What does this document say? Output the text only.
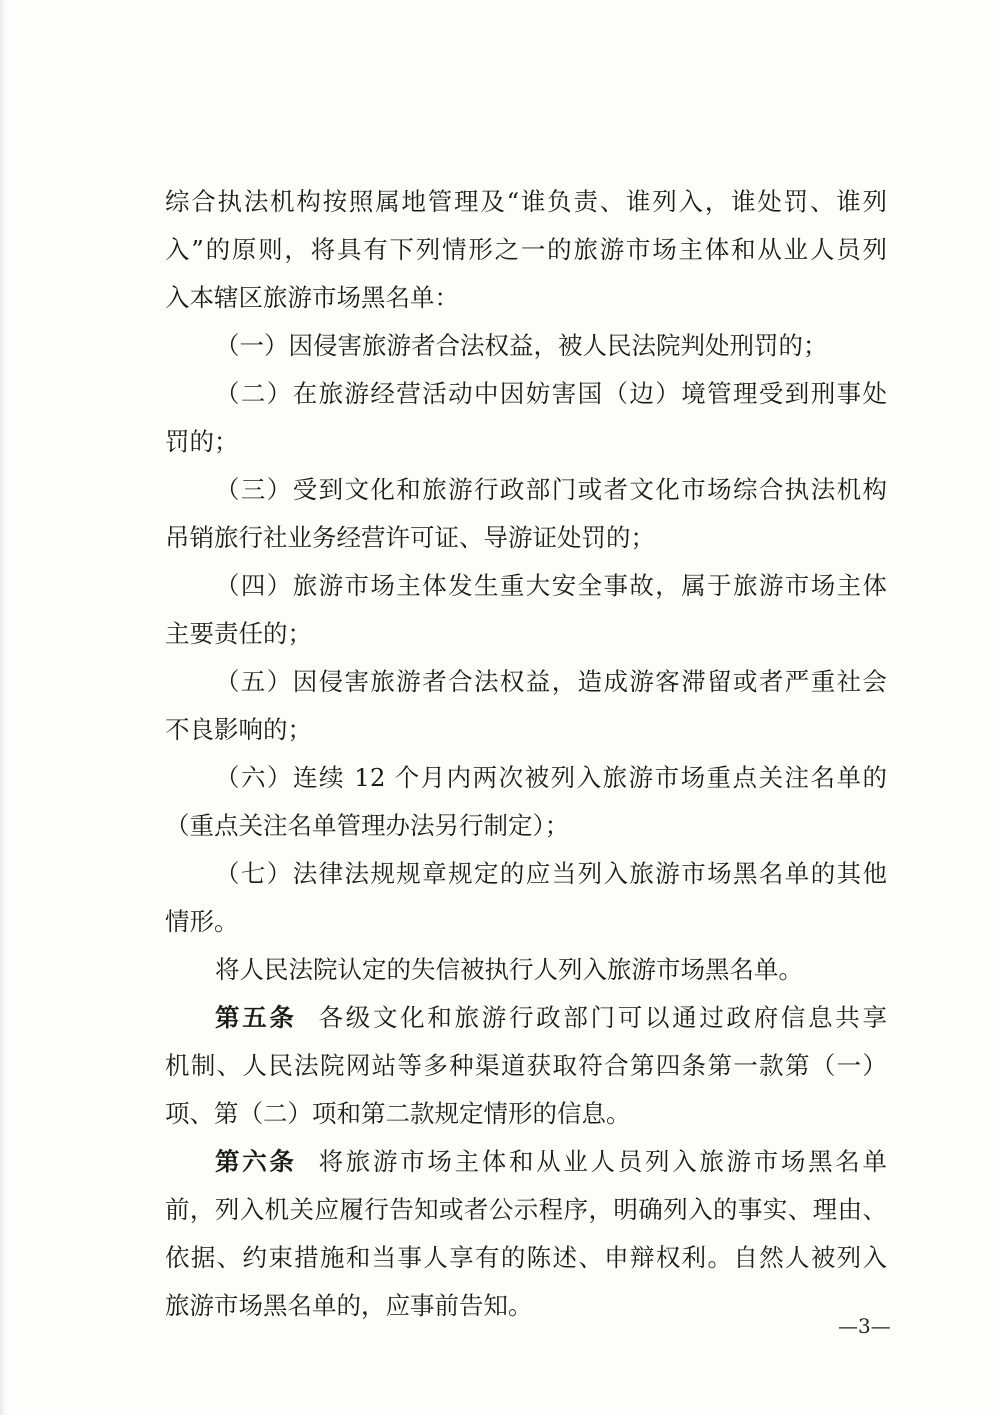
综合执法机构按照属地管理及“谁负责、谁列入，谁处罚、谁列
入”的原则，将具有下列情形之一的旅游市场主体和从业人员列
入本辖区旅游市场黑名单：
（一）因侵害旅游者合法权益，被人民法院判处刑罚的；
（二）在旅游经营活动中因妨害国（边）境管理受到刑事处
罚的；
（三）受到文化和旅游行政部门或者文化市场综合执法机构
吊销旅行社业务经营许可证、导游证处罚的；
（四）旅游市场主体发生重大安全事故，属于旅游市场主体
主要责任的；
（五）因侵害旅游者合法权益，造成游客滞留或者严重社会
不良影响的；
（六）连续 12 个月内两次被列入旅游市场重点关注名单的
（重点关注名单管理办法另行制定）；
（七）法律法规规章规定的应当列入旅游市场黑名单的其他
情形。
将人民法院认定的失信被执行人列入旅游市场黑名单。
第五条 各级文化和旅游行政部门可以通过政府信息共享
机制、人民法院网站等多种渠道获取符合第四条第一款第（一）
项、第（二）项和第二款规定情形的信息。
第六条 将旅游市场主体和从业人员列入旅游市场黑名单
前，列入机关应履行告知或者公示程序，明确列入的事实、理由、
依据、约束措施和当事人享有的陈述、申辩权利。自然人被列入
旅游市场黑名单的，应事前告知。
—3—
